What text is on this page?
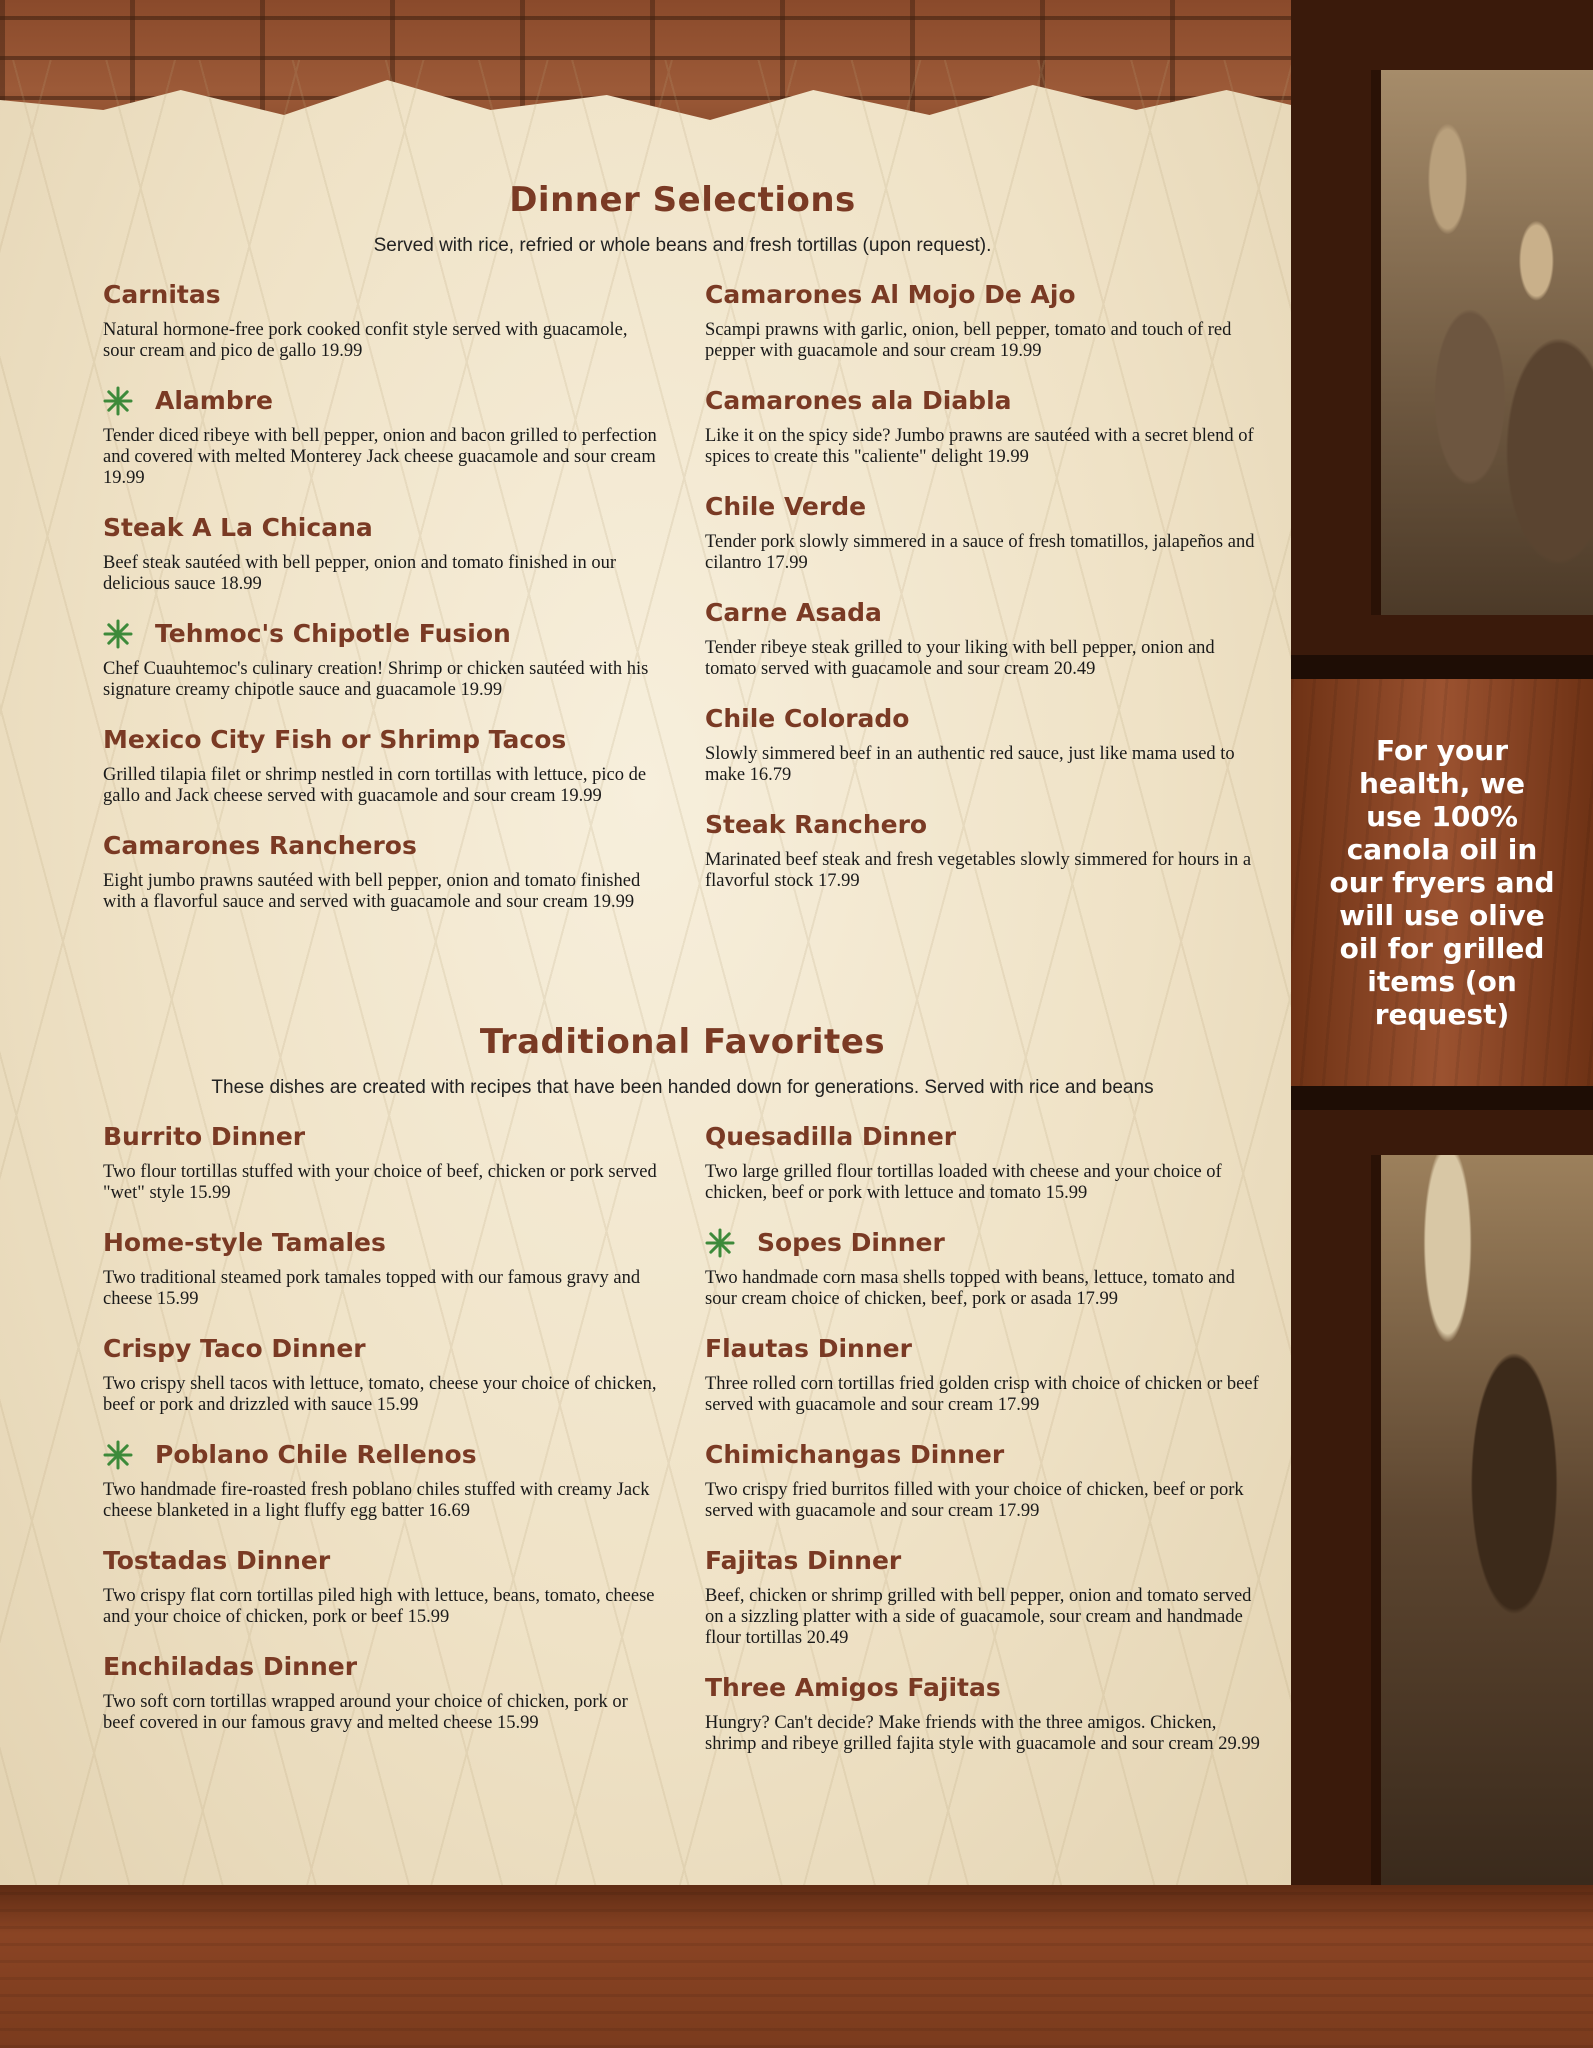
For your health, we use 100% canola oil in our fryers and will use olive oil for grilled items (on request)

Dinner Selections
Served with rice, refried or whole beans and fresh tortillas (upon request).
Carnitas

Natural hormone-free pork cooked confit style served with guacamole, sour cream and pico de gallo 19.99

Alambre

Tender diced ribeye with bell pepper, onion and bacon grilled to perfection and covered with melted Monterey Jack cheese guacamole and sour cream 19.99

Steak A La Chicana

Beef steak sautéed with bell pepper, onion and tomato finished in our delicious sauce 18.99

Tehmoc's Chipotle Fusion

Chef Cuauhtemoc's culinary creation! Shrimp or chicken sautéed with his signature creamy chipotle sauce and guacamole 19.99

Mexico City Fish or Shrimp Tacos

Grilled tilapia filet or shrimp nestled in corn tortillas with lettuce, pico de gallo and Jack cheese served with guacamole and sour cream 19.99

Camarones Rancheros

Eight jumbo prawns sautéed with bell pepper, onion and tomato finished with a flavorful sauce and served with guacamole and sour cream 19.99

Camarones Al Mojo De Ajo

Scampi prawns with garlic, onion, bell pepper, tomato and touch of red pepper with guacamole and sour cream 19.99

Camarones ala Diabla

Like it on the spicy side? Jumbo prawns are sautéed with a secret blend of spices to create this "caliente" delight 19.99

Chile Verde

Tender pork slowly simmered in a sauce of fresh tomatillos, jalapeños and cilantro 17.99

Carne Asada

Tender ribeye steak grilled to your liking with bell pepper, onion and tomato served with guacamole and sour cream 20.49

Chile Colorado

Slowly simmered beef in an authentic red sauce, just like mama used to make 16.79

Steak Ranchero

Marinated beef steak and fresh vegetables slowly simmered for hours in a flavorful stock 17.99

Traditional Favorites
These dishes are created with recipes that have been handed down for generations. Served with rice and beans
Burrito Dinner

Two flour tortillas stuffed with your choice of beef, chicken or pork served "wet" style 15.99

Home-style Tamales

Two traditional steamed pork tamales topped with our famous gravy and cheese 15.99

Crispy Taco Dinner

Two crispy shell tacos with lettuce, tomato, cheese your choice of chicken, beef or pork and drizzled with sauce 15.99

Poblano Chile Rellenos

Two handmade fire-roasted fresh poblano chiles stuffed with creamy Jack cheese blanketed in a light fluffy egg batter 16.69

Tostadas Dinner

Two crispy flat corn tortillas piled high with lettuce, beans, tomato, cheese and your choice of chicken, pork or beef 15.99

Enchiladas Dinner

Two soft corn tortillas wrapped around your choice of chicken, pork or beef covered in our famous gravy and melted cheese 15.99

Quesadilla Dinner

Two large grilled flour tortillas loaded with cheese and your choice of chicken, beef or pork with lettuce and tomato 15.99

Sopes Dinner

Two handmade corn masa shells topped with beans, lettuce, tomato and sour cream choice of chicken, beef, pork or asada 17.99

Flautas Dinner

Three rolled corn tortillas fried golden crisp with choice of chicken or beef served with guacamole and sour cream 17.99

Chimichangas Dinner

Two crispy fried burritos filled with your choice of chicken, beef or pork served with guacamole and sour cream 17.99

Fajitas Dinner

Beef, chicken or shrimp grilled with bell pepper, onion and tomato served on a sizzling platter with a side of guacamole, sour cream and handmade flour tortillas 20.49

Three Amigos Fajitas

Hungry? Can't decide? Make friends with the three amigos. Chicken, shrimp and ribeye grilled fajita style with guacamole and sour cream 29.99
